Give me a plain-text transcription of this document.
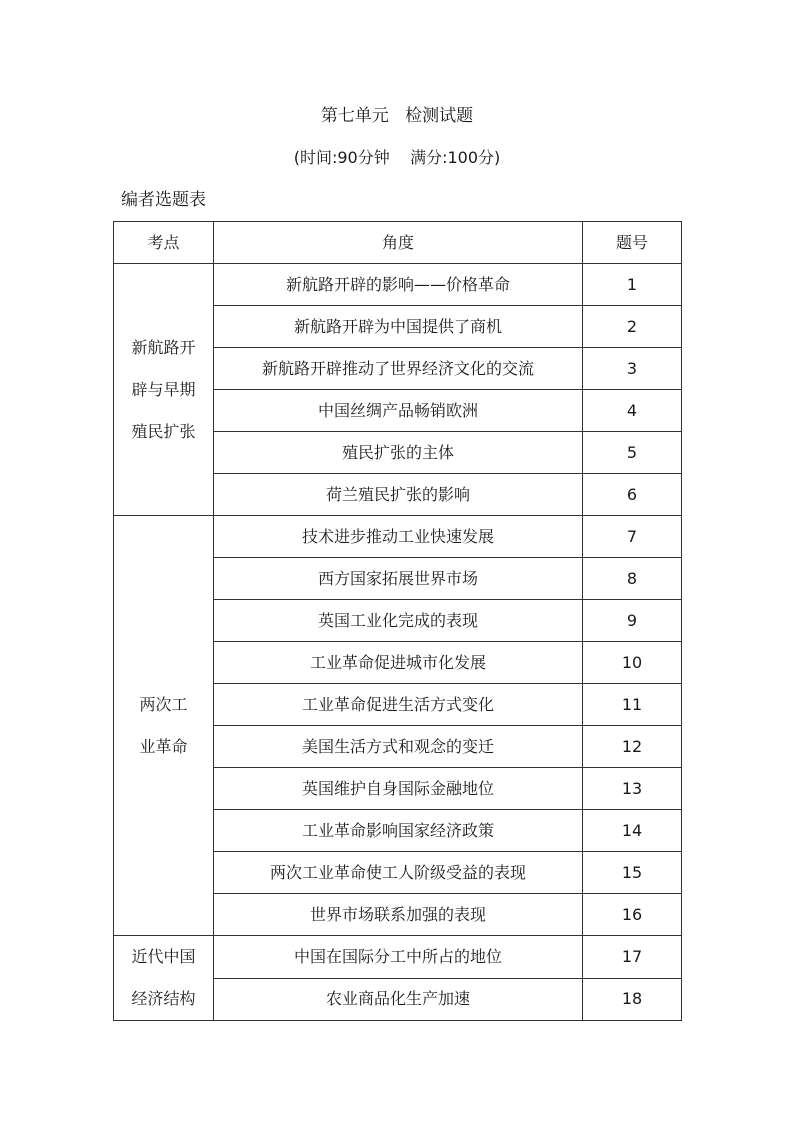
第七单元   检测试题
(时间:90分钟    满分:100分)
编者选题表
考点	角度	题号

新航路开
辟与早期
殖民扩张	新航路开辟的影响——价格革命	1
	新航路开辟为中国提供了商机	2
	新航路开辟推动了世界经济文化的交流	3
	中国丝绸产品畅销欧洲	4
	殖民扩张的主体	5
	荷兰殖民扩张的影响	6

两次工
业革命	技术进步推动工业快速发展	7
	西方国家拓展世界市场	8
	英国工业化完成的表现	9
	工业革命促进城市化发展	10
	工业革命促进生活方式变化	11
	美国生活方式和观念的变迁	12
	英国维护自身国际金融地位	13
	工业革命影响国家经济政策	14
	两次工业革命使工人阶级受益的表现	15
	世界市场联系加强的表现	16

近代中国
经济结构	中国在国际分工中所占的地位	17
	农业商品化生产加速	18
